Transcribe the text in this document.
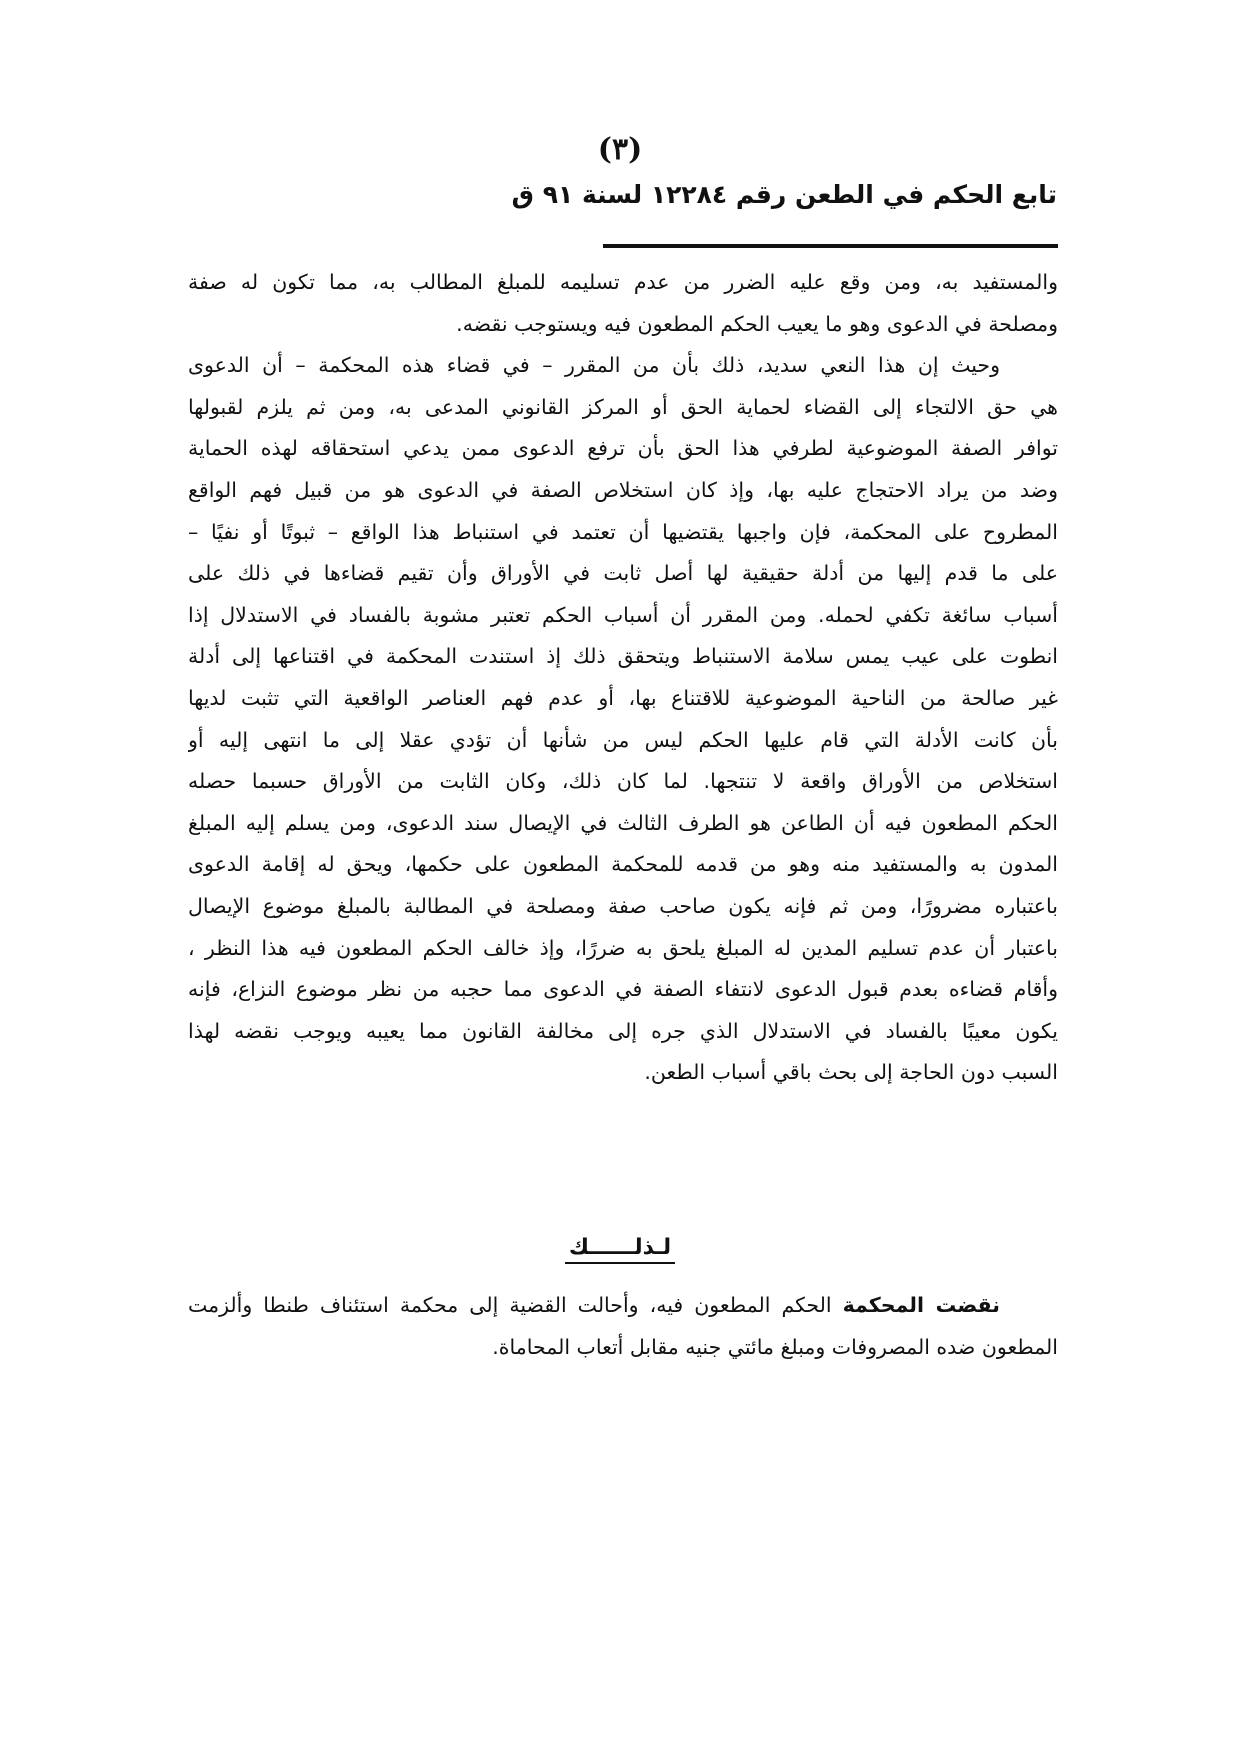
(٣)
تابع الحكم في الطعن رقم ١٢٢٨٤ لسنة ٩١ ق
والمستفيد به، ومن وقع عليه الضرر من عدم تسليمه للمبلغ المطالب به، مما تكون له صفة
ومصلحة في الدعوى وهو ما يعيب الحكم المطعون فيه ويستوجب نقضه.
وحيث إن هذا النعي سديد، ذلك بأن من المقرر – في قضاء هذه المحكمة – أن الدعوى
هي حق الالتجاء إلى القضاء لحماية الحق أو المركز القانوني المدعى به، ومن ثم يلزم لقبولها
توافر الصفة الموضوعية لطرفي هذا الحق بأن ترفع الدعوى ممن يدعي استحقاقه لهذه الحماية
وضد من يراد الاحتجاج عليه بها، وإذ كان استخلاص الصفة في الدعوى هو من قبيل فهم الواقع
المطروح على المحكمة، فإن واجبها يقتضيها أن تعتمد في استنباط هذا الواقع – ثبوتًا أو نفيًا –
على ما قدم إليها من أدلة حقيقية لها أصل ثابت في الأوراق وأن تقيم قضاءها في ذلك على
أسباب سائغة تكفي لحمله. ومن المقرر أن أسباب الحكم تعتبر مشوبة بالفساد في الاستدلال إذا
انطوت على عيب يمس سلامة الاستنباط ويتحقق ذلك إذ استندت المحكمة في اقتناعها إلى أدلة
غير صالحة من الناحية الموضوعية للاقتناع بها، أو عدم فهم العناصر الواقعية التي تثبت لديها
بأن كانت الأدلة التي قام عليها الحكم ليس من شأنها أن تؤدي عقلا إلى ما انتهى إليه أو
استخلاص من الأوراق واقعة لا تنتجها. لما كان ذلك، وكان الثابت من الأوراق حسبما حصله
الحكم المطعون فيه أن الطاعن هو الطرف الثالث في الإيصال سند الدعوى، ومن يسلم إليه المبلغ
المدون به والمستفيد منه وهو من قدمه للمحكمة المطعون على حكمها، ويحق له إقامة الدعوى
باعتباره مضرورًا، ومن ثم فإنه يكون صاحب صفة ومصلحة في المطالبة بالمبلغ موضوع الإيصال
باعتبار أن عدم تسليم المدين له المبلغ يلحق به ضررًا، وإذ خالف الحكم المطعون فيه هذا النظر ،
وأقام قضاءه بعدم قبول الدعوى لانتفاء الصفة في الدعوى مما حجبه من نظر موضوع النزاع، فإنه
يكون معيبًا بالفساد في الاستدلال الذي جره إلى مخالفة القانون مما يعيبه ويوجب نقضه لهذا
السبب دون الحاجة إلى بحث باقي أسباب الطعن.
لـذلــــــك
نقضت المحكمة الحكم المطعون فيه، وأحالت القضية إلى محكمة استئناف طنطا وألزمت
المطعون ضده المصروفات ومبلغ مائتي جنيه مقابل أتعاب المحاماة.
